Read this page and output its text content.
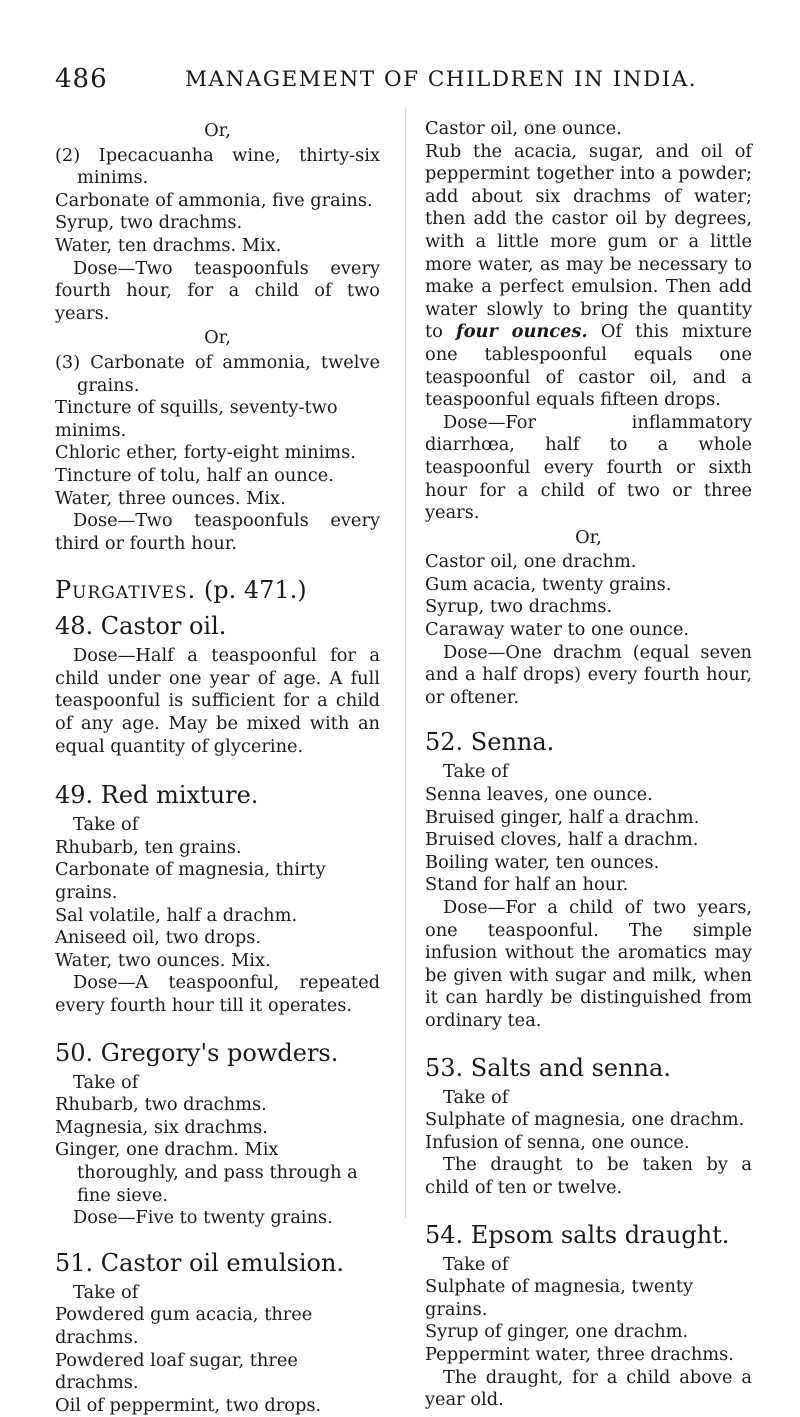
486	MANAGEMENT OF CHILDREN IN INDIA.

Or,

(2) Ipecacuanha wine, thirty-six minims.

Carbonate of ammonia, five grains.

Syrup, two drachms.

Water, ten drachms. Mix.

Dose—Two teaspoonfuls every fourth hour, for a child of two years.

Or,

(3) Carbonate of ammonia, twelve grains.

Tincture of squills, seventy-two minims.

Chloric ether, forty-eight minims.

Tincture of tolu, half an ounce.

Water, three ounces. Mix.

Dose—Two teaspoonfuls every third or fourth hour.

Purgatives. (p. 471.)

48. Castor oil.

Dose—Half a teaspoonful for a child under one year of age. A full teaspoonful is sufficient for a child of any age. May be mixed with an equal quantity of glycerine.

49. Red mixture.

Take of

Rhubarb, ten grains.

Carbonate of magnesia, thirty grains.

Sal volatile, half a drachm.

Aniseed oil, two drops.

Water, two ounces. Mix.

Dose—A teaspoonful, repeated every fourth hour till it operates.

50. Gregory's powders.

Take of

Rhubarb, two drachms.

Magnesia, six drachms.

Ginger, one drachm. Mix thoroughly, and pass through a fine sieve.

Dose—Five to twenty grains.

51. Castor oil emulsion.

Take of

Powdered gum acacia, three drachms.

Powdered loaf sugar, three drachms.

Oil of peppermint, two drops.

Castor oil, one ounce.

Rub the acacia, sugar, and oil of peppermint together into a powder; add about six drachms of water; then add the castor oil by degrees, with a little more gum or a little more water, as may be necessary to make a perfect emulsion. Then add water slowly to bring the quantity to four ounces. Of this mixture one tablespoonful equals one teaspoonful of castor oil, and a teaspoonful equals fifteen drops.

Dose—For inflammatory diarrhœa, half to a whole teaspoonful every fourth or sixth hour for a child of two or three years.

Or,

Castor oil, one drachm.

Gum acacia, twenty grains.

Syrup, two drachms.

Caraway water to one ounce.

Dose—One drachm (equal seven and a half drops) every fourth hour, or oftener.

52. Senna.

Take of

Senna leaves, one ounce.

Bruised ginger, half a drachm.

Bruised cloves, half a drachm.

Boiling water, ten ounces.

Stand for half an hour.

Dose—For a child of two years, one teaspoonful. The simple infusion without the aromatics may be given with sugar and milk, when it can hardly be distinguished from ordinary tea.

53. Salts and senna.

Take of

Sulphate of magnesia, one drachm.

Infusion of senna, one ounce.

The draught to be taken by a child of ten or twelve.

54. Epsom salts draught.

Take of

Sulphate of magnesia, twenty grains.

Syrup of ginger, one drachm.

Peppermint water, three drachms.

The draught, for a child above a year old.
